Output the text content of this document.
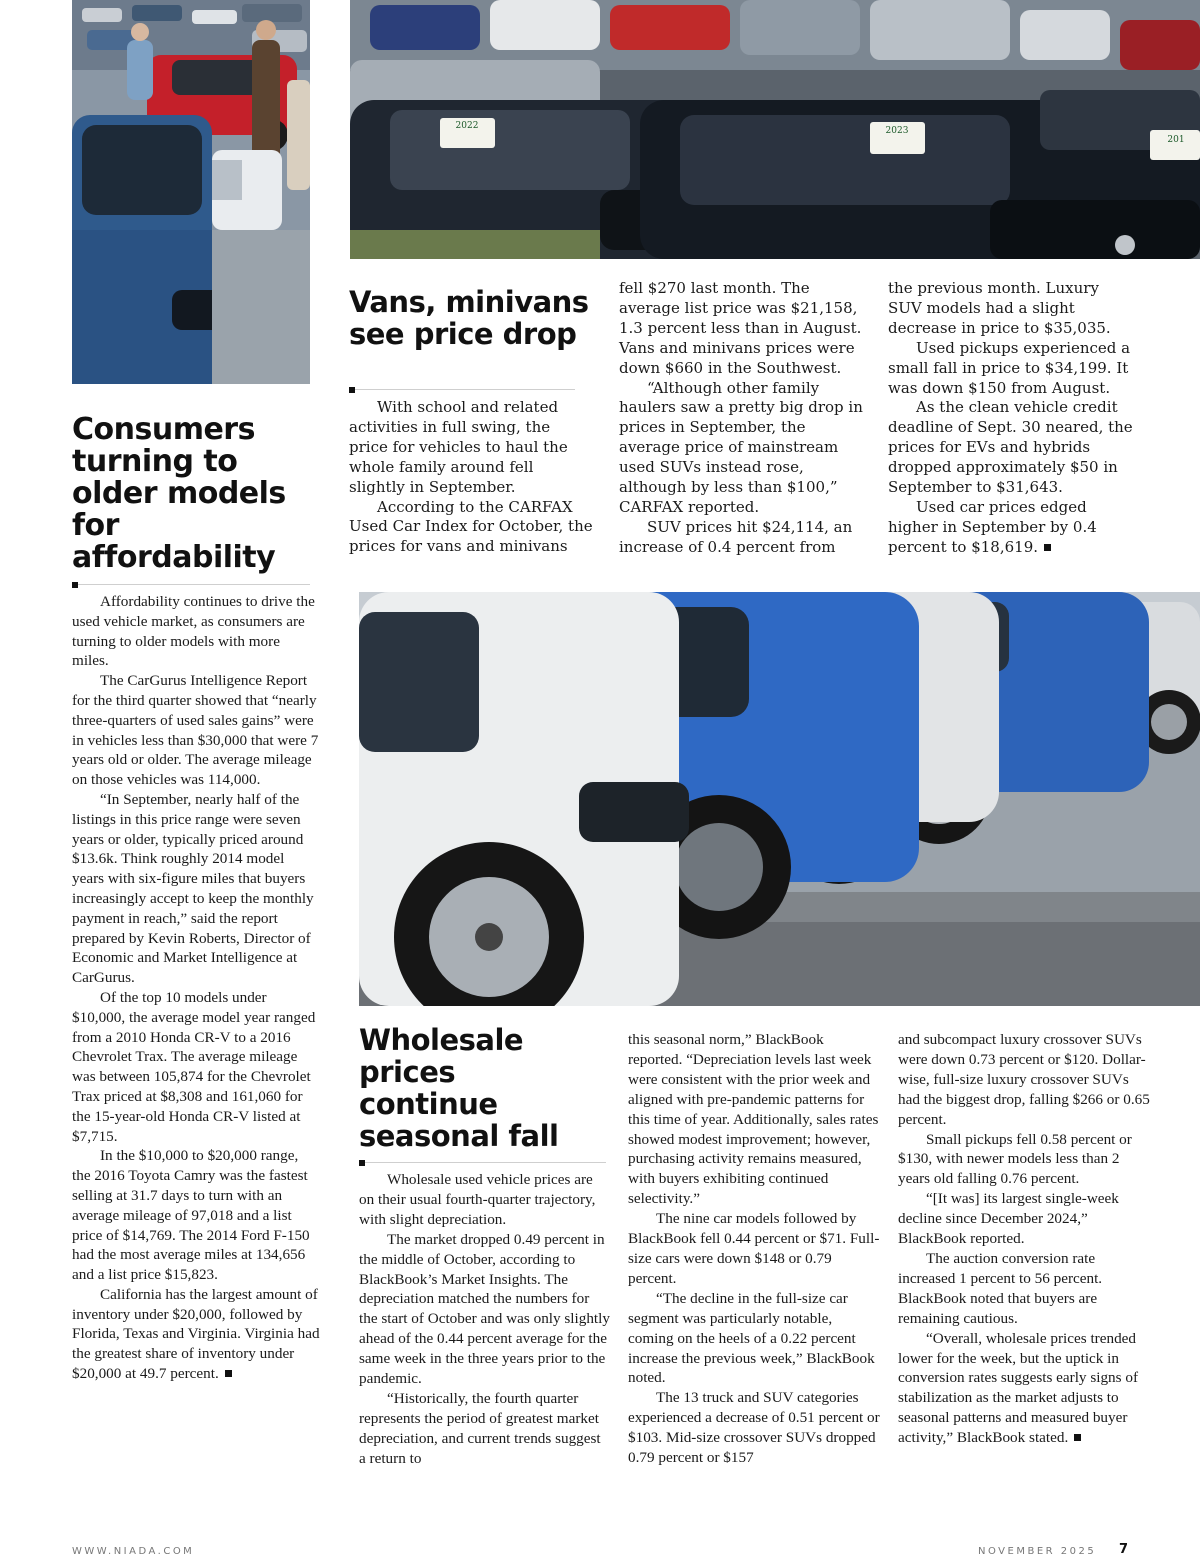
2022	2023
201
Consumers turning to older models for affordability

Affordability continues to drive the used vehicle market, as consumers are turning to older models with more miles.

The CarGurus Intelligence Report for the third quarter showed that “nearly three-quarters of used sales gains” were in vehicles less than $30,000 that were 7 years old or older. The average mileage on those vehicles was 114,000.

“In September, nearly half of the listings in this price range were seven years or older, typically priced around $13.6k. Think roughly 2014 model years with six-figure miles that buyers increasingly accept to keep the monthly payment in reach,” said the report prepared by Kevin Roberts, Director of Economic and Market Intelligence at CarGurus.

Of the top 10 models under $10,000, the average model year ranged from a 2010 Honda CR-V to a 2016 Chevrolet Trax. The average mileage was between 105,874 for the Chevrolet Trax priced at $8,308 and 161,060 for the 15-year-old Honda CR-V listed at $7,715.

In the $10,000 to $20,000 range, the 2016 Toyota Camry was the fastest selling at 31.7 days to turn with an average mileage of 97,018 and a list price of $14,769. The 2014 Ford F-150 had the most average miles at 134,656 and a list price $15,823.

California has the largest amount of inventory under $20,000, followed by Florida, Texas and Virginia. Virginia had the greatest share of inventory under $20,000 at 49.7 percent.

Vans, minivans see price drop

With school and related activities in full swing, the price for vehicles to haul the whole family around fell slightly in September.

According to the CARFAX Used Car Index for October, the prices for vans and minivans

fell $270 last month. The average list price was $21,158, 1.3 percent less than in August. Vans and minivans prices were down $660 in the Southwest.

“Although other family haulers saw a pretty big drop in prices in September, the average price of mainstream used SUVs instead rose, although by less than $100,” CARFAX reported.

SUV prices hit $24,114, an increase of 0.4 percent from

the previous month. Luxury SUV models had a slight decrease in price to $35,035.

Used pickups experienced a small fall in price to $34,199. It was down $150 from August.

As the clean vehicle credit deadline of Sept. 30 neared, the prices for EVs and hybrids dropped approximately $50 in September to $31,643.

Used car prices edged higher in September by 0.4 percent to $18,619.

Wholesale prices continue seasonal fall

Wholesale used vehicle prices are on their usual fourth-quarter trajectory, with slight depreciation.

The market dropped 0.49 percent in the middle of October, according to BlackBook’s Market Insights. The depreciation matched the numbers for the start of October and was only slightly ahead of the 0.44 percent average for the same week in the three years prior to the pandemic.

“Historically, the fourth quarter represents the period of greatest market depreciation, and current trends suggest a return to

this seasonal norm,” BlackBook reported. “Depreciation levels last week were consistent with the prior week and aligned with pre-pandemic patterns for this time of year. Additionally, sales rates showed modest improvement; however, purchasing activity remains measured, with buyers exhibiting continued selectivity.”

The nine car models followed by BlackBook fell 0.44 percent or $71. Full-size cars were down $148 or 0.79 percent.

“The decline in the full-size car segment was particularly notable, coming on the heels of a 0.22 percent increase the previous week,” BlackBook noted.

The 13 truck and SUV categories experienced a decrease of 0.51 percent or $103. Mid-size crossover SUVs dropped 0.79 percent or $157

and subcompact luxury crossover SUVs were down 0.73 percent or $120. Dollar-wise, full-size luxury crossover SUVs had the biggest drop, falling $266 or 0.65 percent.

Small pickups fell 0.58 percent or $130, with newer models less than 2 years old falling 0.76 percent.

“[It was] its largest single-week decline since December 2024,” BlackBook reported.

The auction conversion rate increased 1 percent to 56 percent. BlackBook noted that buyers are remaining cautious.

“Overall, wholesale prices trended lower for the week, but the uptick in conversion rates suggests early signs of stabilization as the market adjusts to seasonal patterns and measured buyer activity,” BlackBook stated.

WWW.NIADA.COM	NOVEMBER 2025 7
